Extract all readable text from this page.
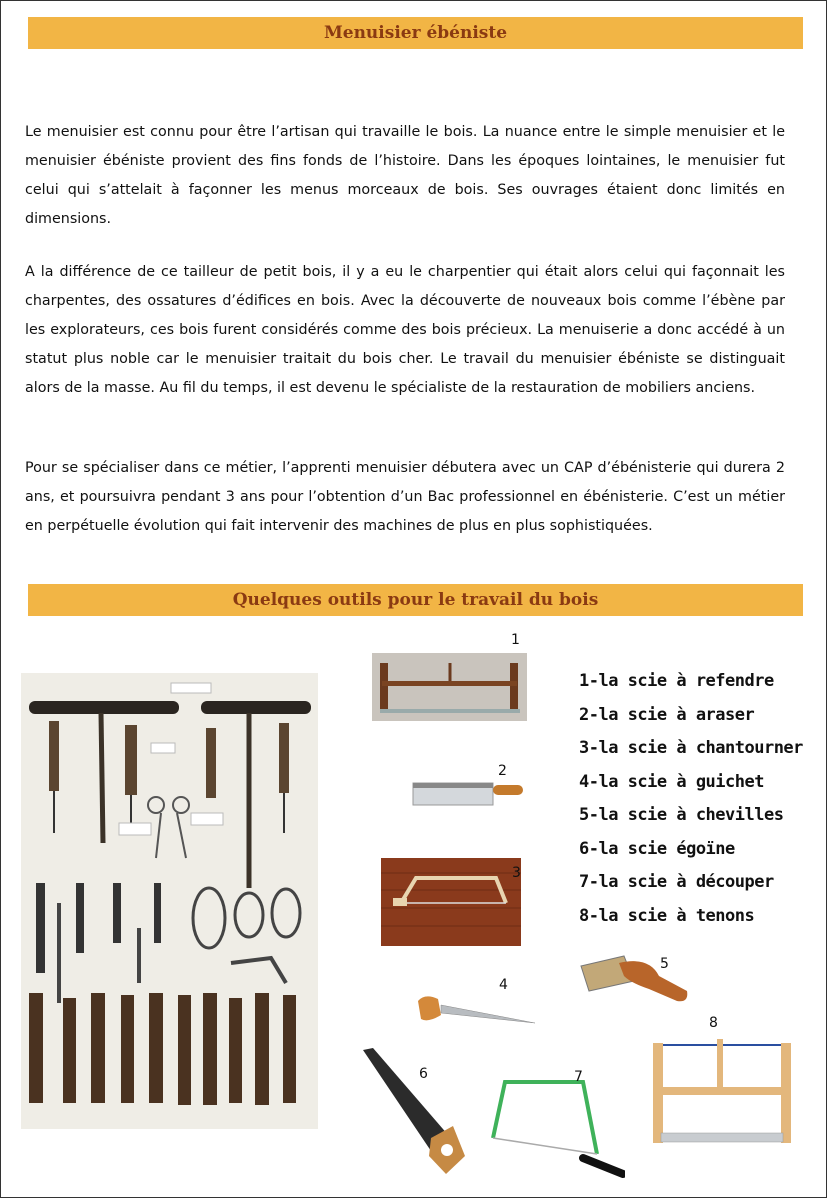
Menuisier ébéniste

Le menuisier est connu pour être l’artisan qui travaille le bois. La nuance entre le simple menuisier et le menuisier ébéniste provient des fins fonds de l’histoire. Dans les époques lointaines, le menuisier fut celui qui s’attelait à façonner les menus morceaux de bois. Ses ouvrages étaient donc limités en dimensions.

A la différence de ce tailleur de petit bois, il y a eu le charpentier qui était alors celui qui façonnait les charpentes, des ossatures d’édifices en bois. Avec la découverte de nouveaux bois comme l’ébène par les explorateurs, ces bois furent considérés comme des bois précieux. La menuiserie a donc accédé à un statut plus noble car le menuisier traitait du bois cher. Le travail du menuisier ébéniste se distinguait alors de la masse. Au fil du temps, il est devenu le spécialiste de la restauration de mobiliers anciens.

Pour se spécialiser dans ce métier, l’apprenti menuisier débutera avec un CAP d’ébénisterie qui durera 2 ans, et poursuivra pendant 3 ans pour l’obtention d’un Bac professionnel en ébénisterie. C’est un métier en perpétuelle évolution qui fait intervenir des machines de plus en plus sophistiquées.

Quelques outils pour le travail du bois
1
2
3
4
5
6	7
8
1-la scie à refendre
2-la scie à araser
3-la scie à chantourner
4-la scie à guichet
5-la scie à chevilles
6-la scie égoïne
7-la scie à découper
8-la scie à tenons
